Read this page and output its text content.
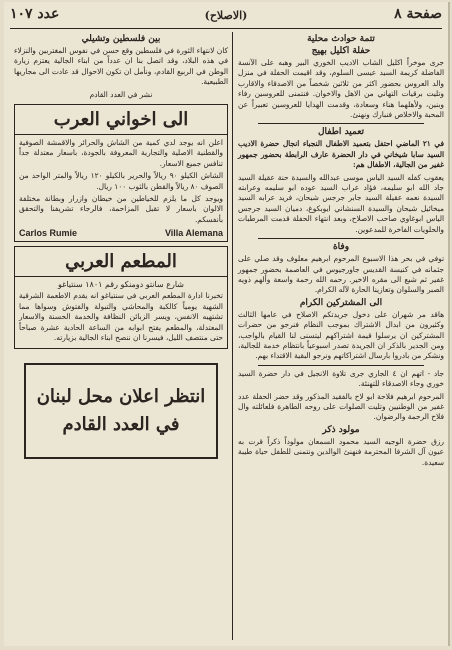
صفحة ٨
(الاصلاح)
عدد ١٠٧
تتمة حوادث محلية
حفلة اكليل بهيج

جرى موخراً اكليل الشاب الاديب الخوري البير وهبه على الآنسة الفاضلة كريمة السيد عيسى السلوم، وقد اقيمت الحفلة في منزل والد العروس بحضور اكثر من ثلاثين شخصاً من الاصدقاء والاقارب وتليت برقيات التهاني من الاهل والاخوان. فنتمنى للعروسين رفاء وبنين، ولأهلهما هناء وسعادة، وقدمت الهدايا للعروسين تعبيراً عن المحبة والاخلاص فنبارك ونهنئ.

تعميد اطفال

في ٢١ الماضي احتفل بتعميد الاطفال النجباء انجال حضرة الاديب السيد سابا شيخاني في دار الحضرة عارف الرابطة بحضور جمهور غفير من الجالية، الاطفال هم:

يعقوب كفله السيد الياس موسى عبدالله والسيدة حنة عقيلة السيد جاد الله ابو سليمه، فؤاد عراب السيد عوده ابو سليمه وعرابته السيدة نعمه عقيلة السيد جابر جرجس شيحان، فريد عرابه السيد ميخائيل شيحان والسيدة السنشاني ايوبكوغ، دميان السيد جرجس الياس ابوغاوي صاحب الاصلاح، وبعد انتهاء الحفلة قدمت المرطبات والحلويات الفاخرة للمدعوين.

وفاة

توفي في بحر هذا الاسبوع المرحوم ابرهيم معلوف وقد صلي على جثمانه في كنيسة القديس جاورجيوس في العاصمة بحضور جمهور غفير ثم شيع الى مقره الاخير. رحمه الله رحمة واسعة وألهم ذويه الصبر والسلوان وتعازينا الحارة لآله الكرام.

الى المشتركين الكرام

هاقد مر شهران على دخول جريدتكم الاصلاح في عامها الثالث وكثيرون من ابدال الاشتراك بموجب النظام فنرجو من حضرات المشتركين ان يرسلوا قيمة اشتراكهم ليتسنى لنا القيام بالواجب، ومن الجدير بالذكر ان الجريدة تصدر اسبوعياً بانتظام خدمة للجالية، ونشكر من بادروا بارسال اشتراكاتهم ونرجو البقية الاقتداء بهم.

جاد - اتهم ان ٤ الجاري جرى تلاوة الانجيل في دار حضرة السيد خوري وجاء الاصدقاء للتهنئة.

المرحوم ابرهيم فلاحة ابو لاح بالفقيد المذكور وقد حضر الحفلة عدد غفير من الوطنيين وتليت الصلوات على روحه الطاهرة فلعائلته وال فلاح الرحمة والرضوان.

مولود ذكر

رزق حضرة الوجيه السيد محمود السمعان مولوداً ذكراً قرت به عيون آل الشرفا المحترمة فنهنئ الوالدين ونتمنى للطفل حياة طيبة سعيدة.

بين فلسطين وتشيلي

كان لانتهاء الثورة في فلسطين وقع حسن في نفوس المغتربين والنزلاء في هذه البلاد، وقد اتصل بنا ان عدداً من ابناء الجالية يعتزم زيارة الوطن في الربيع القادم، ونأمل ان تكون الاحوال قد عادت الى مجاريها الطبيعية.

نشر في العدد القادم

الى اخواني العرب

اعلن انه يوجد لدي كمية من الشاش والحرائر والاقمشة الصوفية والقطنية الاصلية والتجارية المعروفة بالجودة، باسعار معتدلة جداً تنافس جميع الاسعار.

الشاش الكيلو ٩٠ ريالاً والحرير بالكيلو ١٢٠ ريالاً والمتر الواحد من الصوف ٨٠ ريالاً والقطن بالثوب ١٠٠ ريال.

ويوجد كل ما يلزم للخياطين من خيطان وازرار وبطانة مختلفة الالوان باسعار لا تقبل المزاحمة، فالرجاء تشريفنا والتحقق بأنفسكم.

Carlos Rumie	Villa Alemana
المطعم العربي
شارع سانتو دومنكو رقم ١٨٠١ سنتياغو

تخبرنا ادارة المطعم العربي في سنتياغو انه يقدم الاطعمة الشرقية الشهية يومياً كالكبة والمحاشي والتبولة والفتوش وسواها مما تشتهيه الانفس، ويسر الزبائن النظافة والخدمة الحسنة والاسعار المعتدلة، والمطعم يفتح ابوابه من الساعة الحادية عشرة صباحاً حتى منتصف الليل، فيسرنا ان ننصح ابناء الجالية بزيارته.

انتظر اعلان محل لبنان
في العدد القادم
